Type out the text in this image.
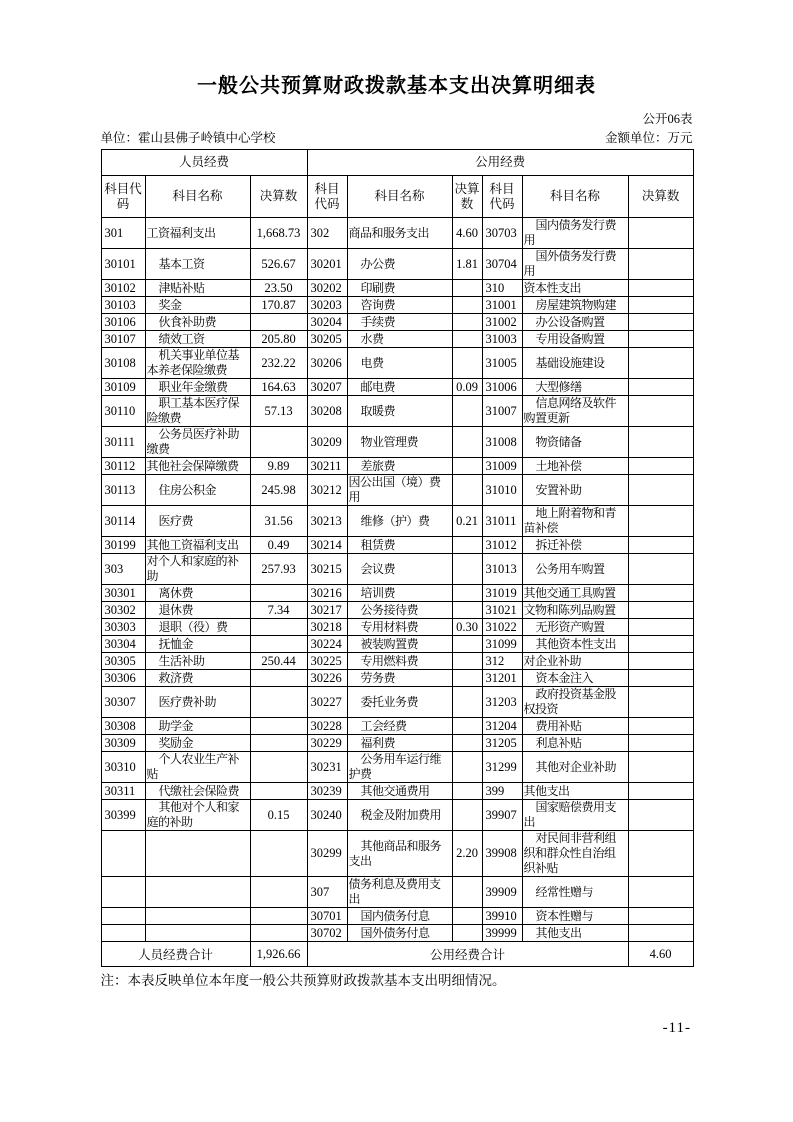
一般公共预算财政拨款基本支出决算明细表
公开06表
单位：霍山县佛子岭镇中心学校	金额单位：万元
人员经费			公用经费					
科目代码	科目名称	决算数	科目代码	科目名称	决算数	科目代码	科目名称	决算数
301	工资福利支出	1,668.73	302	商品和服务支出	4.60	30703	国内债务发行费用	
30101	基本工资	526.67	30201	办公费	1.81	30704	国外债务发行费用	
30102	津贴补贴	23.50	30202	印刷费		310	资本性支出	
30103	奖金	170.87	30203	咨询费		31001	房屋建筑物购建	
30106	伙食补助费		30204	手续费		31002	办公设备购置	
30107	绩效工资	205.80	30205	水费		31003	专用设备购置	
30108	机关事业单位基本养老保险缴费	232.22	30206	电费		31005	基础设施建设	
30109	职业年金缴费	164.63	30207	邮电费	0.09	31006	大型修缮	
30110	职工基本医疗保险缴费	57.13	30208	取暖费		31007	信息网络及软件购置更新	
30111	公务员医疗补助缴费		30209	物业管理费		31008	物资储备	
30112	其他社会保障缴费	9.89	30211	差旅费		31009	土地补偿	
30113	住房公积金	245.98	30212	因公出国（境）费用		31010	安置补助	
30114	医疗费	31.56	30213	维修（护）费	0.21	31011	地上附着物和青苗补偿	
30199	其他工资福利支出	0.49	30214	租赁费		31012	拆迁补偿	
303	对个人和家庭的补助	257.93	30215	会议费		31013	公务用车购置	
30301	离休费		30216	培训费		31019	其他交通工具购置	
30302	退休费	7.34	30217	公务接待费		31021	文物和陈列品购置	
30303	退职（役）费		30218	专用材料费	0.30	31022	无形资产购置	
30304	抚恤金		30224	被装购置费		31099	其他资本性支出	
30305	生活补助	250.44	30225	专用燃料费		312	对企业补助	
30306	救济费		30226	劳务费		31201	资本金注入	
30307	医疗费补助		30227	委托业务费		31203	政府投资基金股权投资	
30308	助学金		30228	工会经费		31204	费用补贴	
30309	奖励金		30229	福利费		31205	利息补贴	
30310	个人农业生产补贴		30231	公务用车运行维护费		31299	其他对企业补助	
30311	代缴社会保险费		30239	其他交通费用		399	其他支出	
30399	其他对个人和家庭的补助	0.15	30240	税金及附加费用		39907	国家赔偿费用支出	
			30299	其他商品和服务支出	2.20	39908	对民间非营利组织和群众性自治组织补贴	
			307	债务利息及费用支出		39909	经常性赠与	
			30701	国内债务付息		39910	资本性赠与	
			30702	国外债务付息		39999	其他支出	
人员经费合计		1,926.66	公用经费合计					4.60
注：本表反映单位本年度一般公共预算财政拨款基本支出明细情况。
-11-
